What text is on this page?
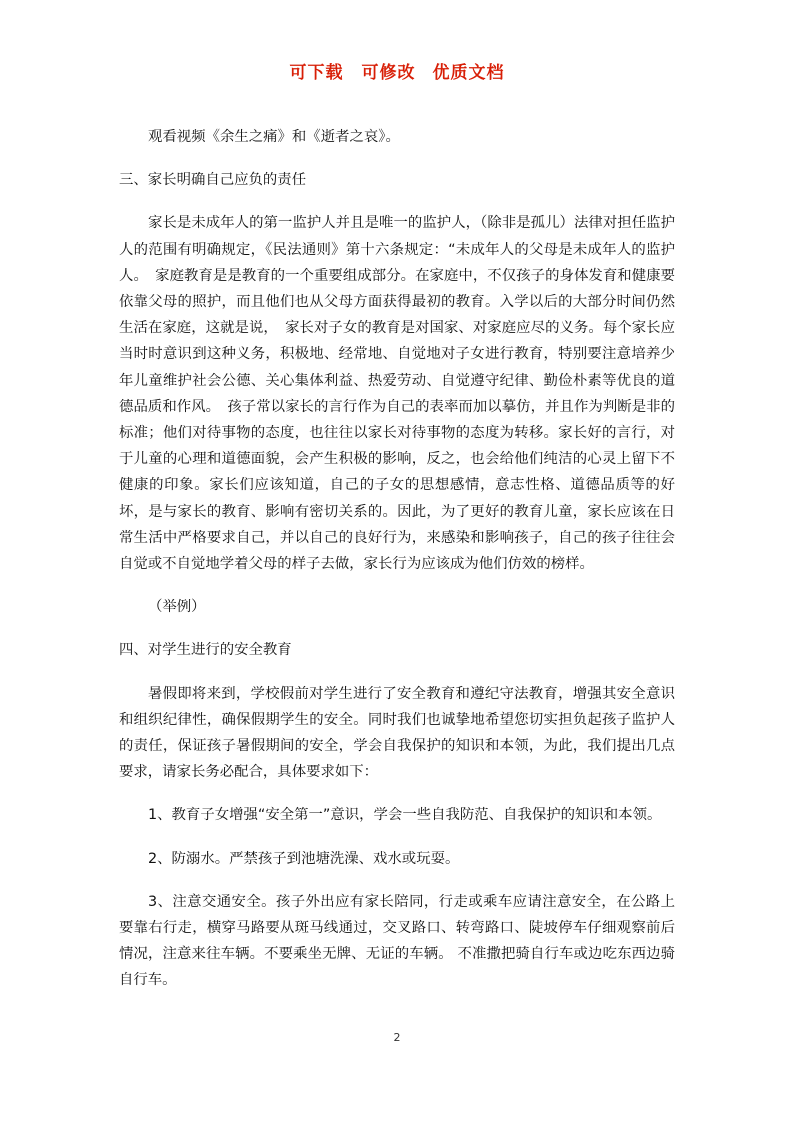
可下载　可修改 优质文档

观看视频《余生之痛》和《逝者之哀》。

三、家长明确自己应负的责任

家长是未成年人的第一监护人并且是唯一的监护人，（除非是孤儿）法律对担任监护人的范围有明确规定，《民法通则》第十六条规定：“未成年人的父母是未成年人的监护人。　家庭教育是是教育的一个重要组成部分。在家庭中，不仅孩子的身体发育和健康要依靠父母的照护，而且他们也从父母方面获得最初的教育。入学以后的大部分时间仍然生活在家庭，这就是说，　家长对子女的教育是对国家、对家庭应尽的义务。每个家长应当时时意识到这种义务，积极地、经常地、自觉地对子女进行教育，特别要注意培养少年儿童维护社会公德、关心集体利益、热爱劳动、自觉遵守纪律、勤俭朴素等优良的道德品质和作风。　孩子常以家长的言行作为自己的表率而加以摹仿，并且作为判断是非的标准；他们对待事物的态度，也往往以家长对待事物的态度为转移。家长好的言行，对于儿童的心理和道德面貌，会产生积极的影响，反之，也会给他们纯洁的心灵上留下不健康的印象。家长们应该知道，自己的子女的思想感情，意志性格、道德品质等的好坏，是与家长的教育、影响有密切关系的。因此，为了更好的教育儿童，家长应该在日常生活中严格要求自己，并以自己的良好行为，来感染和影响孩子，自己的孩子往往会自觉或不自觉地学着父母的样子去做，家长行为应该成为他们仿效的榜样。

（举例）

四、对学生进行的安全教育

暑假即将来到，学校假前对学生进行了安全教育和遵纪守法教育，增强其安全意识和组织纪律性，确保假期学生的安全。同时我们也诚挚地希望您切实担负起孩子监护人的责任，保证孩子暑假期间的安全，学会自我保护的知识和本领，为此，我们提出几点要求，请家长务必配合，具体要求如下：

1、教育子女增强“安全第一”意识，学会一些自我防范、自我保护的知识和本领。

2、防溺水。严禁孩子到池塘洗澡、戏水或玩耍。

3、注意交通安全。孩子外出应有家长陪同，行走或乘车应请注意安全，在公路上要靠右行走，横穿马路要从斑马线通过，交叉路口、转弯路口、陡坡停车仔细观察前后情况，注意来往车辆。不要乘坐无牌、无证的车辆。 不准撒把骑自行车或边吃东西边骑自行车。

2
